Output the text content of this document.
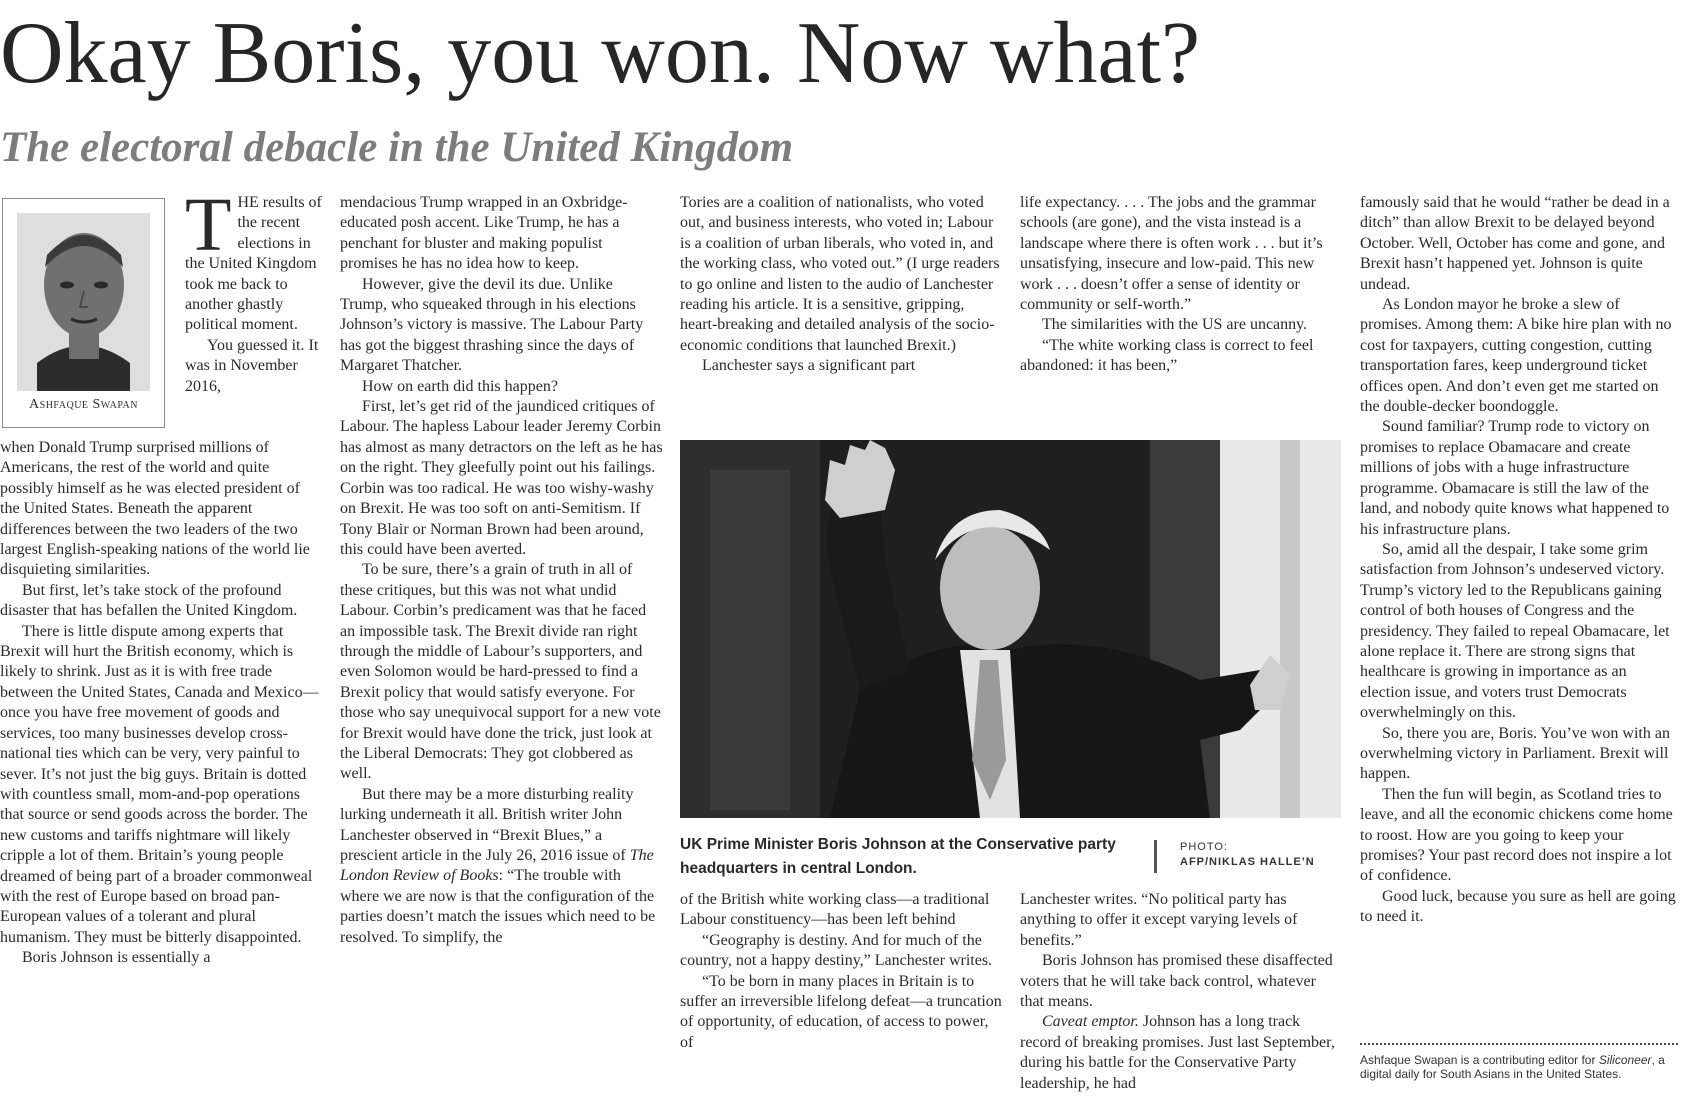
Okay Boris, you won. Now what?
The electoral debacle in the United Kingdom
Ashfaque Swapan
T HE results of the recent elections in the United Kingdom took me back to another ghastly political moment.

You guessed it. It was in November 2016,

when Donald Trump surprised millions of Americans, the rest of the world and quite possibly himself as he was elected president of the United States. Beneath the apparent differences between the two leaders of the two largest English-speaking nations of the world lie disquieting similarities.

But first, let’s take stock of the profound disaster that has befallen the United Kingdom.

There is little dispute among experts that Brexit will hurt the British economy, which is likely to shrink. Just as it is with free trade between the United States, Canada and Mexico—once you have free movement of goods and services, too many businesses develop cross-national ties which can be very, very painful to sever. It’s not just the big guys. Britain is dotted with countless small, mom-and-pop operations that source or send goods across the border. The new customs and tariffs nightmare will likely cripple a lot of them. Britain’s young people dreamed of being part of a broader commonweal with the rest of Europe based on broad pan-European values of a tolerant and plural humanism. They must be bitterly disappointed.

Boris Johnson is essentially a

mendacious Trump wrapped in an Oxbridge-educated posh accent. Like Trump, he has a penchant for bluster and making populist promises he has no idea how to keep.

However, give the devil its due. Unlike Trump, who squeaked through in his elections Johnson’s victory is massive. The Labour Party has got the biggest thrashing since the days of Margaret Thatcher.

How on earth did this happen?

First, let’s get rid of the jaundiced critiques of Labour. The hapless Labour leader Jeremy Corbin has almost as many detractors on the left as he has on the right. They gleefully point out his failings. Corbin was too radical. He was too wishy-washy on Brexit. He was too soft on anti-Semitism. If Tony Blair or Norman Brown had been around, this could have been averted.

To be sure, there’s a grain of truth in all of these critiques, but this was not what undid Labour. Corbin’s predicament was that he faced an impossible task. The Brexit divide ran right through the middle of Labour’s supporters, and even Solomon would be hard-pressed to find a Brexit policy that would satisfy everyone. For those who say unequivocal support for a new vote for Brexit would have done the trick, just look at the Liberal Democrats: They got clobbered as well.

But there may be a more disturbing reality lurking underneath it all. British writer John Lanchester observed in “Brexit Blues,” a prescient article in the July 26, 2016 issue of The London Review of Books: “The trouble with where we are now is that the configuration of the parties doesn’t match the issues which need to be resolved. To simplify, the

Tories are a coalition of nationalists, who voted out, and business interests, who voted in; Labour is a coalition of urban liberals, who voted in, and the working class, who voted out.” (I urge readers to go online and listen to the audio of Lanchester reading his article. It is a sensitive, gripping, heart-breaking and detailed analysis of the socio-economic conditions that launched Brexit.)

Lanchester says a significant part

life expectancy. . . . The jobs and the grammar schools (are gone), and the vista instead is a landscape where there is often work . . . but it’s unsatisfying, insecure and low-paid. This new work . . . doesn’t offer a sense of identity or community or self-worth.”

The similarities with the US are uncanny.

“The white working class is correct to feel abandoned: it has been,”

UK Prime Minister Boris Johnson at the Conservative party headquarters in central London.
PHOTO:
AFP/NIKLAS HALLE’N

of the British white working class—a traditional Labour constituency—has been left behind

“Geography is destiny. And for much of the country, not a happy destiny,” Lanchester writes.

“To be born in many places in Britain is to suffer an irreversible lifelong defeat—a truncation of opportunity, of education, of access to power, of

Lanchester writes. “No political party has anything to offer it except varying levels of benefits.”

Boris Johnson has promised these disaffected voters that he will take back control, whatever that means.

Caveat emptor. Johnson has a long track record of breaking promises. Just last September, during his battle for the Conservative Party leadership, he had

famously said that he would “rather be dead in a ditch” than allow Brexit to be delayed beyond October. Well, October has come and gone, and Brexit hasn’t happened yet. Johnson is quite undead.

As London mayor he broke a slew of promises. Among them: A bike hire plan with no cost for taxpayers, cutting congestion, cutting transportation fares, keep underground ticket offices open. And don’t even get me started on the double-decker boondoggle.

Sound familiar? Trump rode to victory on promises to replace Obamacare and create millions of jobs with a huge infrastructure programme. Obamacare is still the law of the land, and nobody quite knows what happened to his infrastructure plans.

So, amid all the despair, I take some grim satisfaction from Johnson’s undeserved victory. Trump’s victory led to the Republicans gaining control of both houses of Congress and the presidency. They failed to repeal Obamacare, let alone replace it. There are strong signs that healthcare is growing in importance as an election issue, and voters trust Democrats overwhelmingly on this.

So, there you are, Boris. You’ve won with an overwhelming victory in Parliament. Brexit will happen.

Then the fun will begin, as Scotland tries to leave, and all the economic chickens come home to roost. How are you going to keep your promises? Your past record does not inspire a lot of confidence.

Good luck, because you sure as hell are going to need it.

Ashfaque Swapan is a contributing editor for Siliconeer, a digital daily for South Asians in the United States.
